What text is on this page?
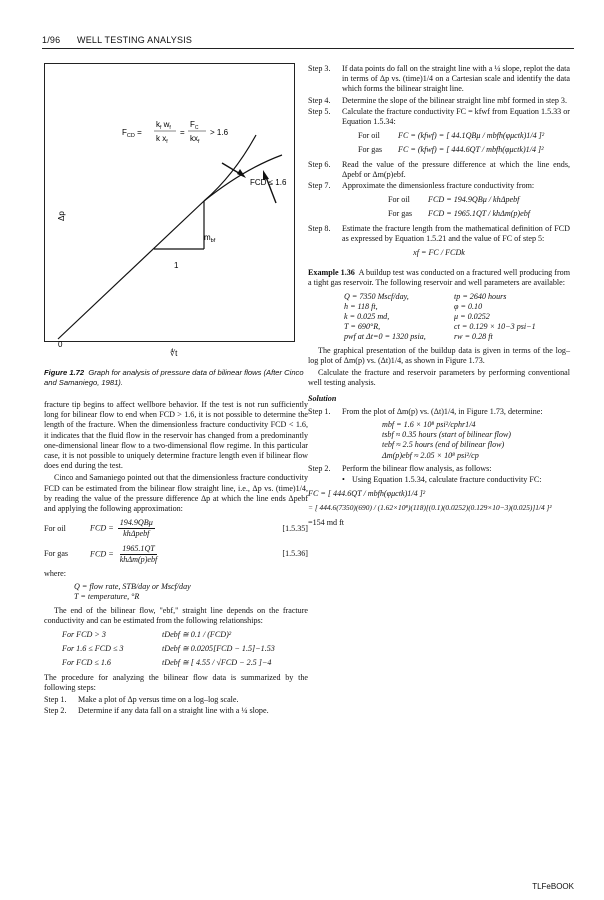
1/96 WELL TESTING ANALYSIS
$F_{CD}$ =
$k_f$ $w_f$
k $x_f$
=
$F_C$
$kx_f$
> 1.6
FCD ≤ 1.6
$m_{bf}$
1
Δp
∜t
0
Figure 1.72 Graph for analysis of pressure data of bilinear flows (After Cinco and Samaniego, 1981).

fracture tip begins to affect wellbore behavior. If the test is not run sufficiently long for bilinear flow to end when FCD > 1.6, it is not possible to determine the length of the fracture. When the dimensionless fracture conductivity FCD < 1.6, it indicates that the fluid flow in the reservoir has changed from a predominantly one-dimensional linear flow to a two-dimensional flow regime. In this particular case, it is not possible to uniquely determine fracture length even if bilinear flow does end during the test.

Cinco and Samaniego pointed out that the dimensionless fracture conductivity FCD can be estimated from the bilinear flow straight line, i.e., Δp vs. (time)1/4, by reading the value of the pressure difference Δp at which the line ends Δpebf and applying the following approximation:

For oil	FCD = $\frac{\text{194.9QBμ}}{\text{khΔpebf}}$	[1.5.35]
For gas	FCD = $\frac{1965.1QT}{\text{khΔm(p)ebf}}$	[1.5.36]

where:

Q = flow rate, STB/day or Mscf/day
T = temperature, °R

The end of the bilinear flow, "ebf," straight line depends on the fracture conductivity and can be estimated from the following relationships:

For FCD > 3	tDebf ≅ 0.1 / (FCD)²
For 1.6 ≤ FCD ≤ 3	tDebf ≅ 0.0205[FCD − 1.5]−1.53
For FCD ≤ 1.6	tDebf ≅ [ 4.55 / √FCD − 2.5 ]−4

The procedure for analyzing the bilinear flow data is summarized by the following steps:

Step 1. Make a plot of Δp versus time on a log–log scale.
Step 2. Determine if any data fall on a straight line with a ¼ slope.
Step 3. If data points do fall on the straight line with a ¼ slope, replot the data in terms of Δp vs. (time)1/4 on a Cartesian scale and identify the data which forms the bilinear straight line.
Step 4. Determine the slope of the bilinear straight line mbf formed in step 3.
Step 5. Calculate the fracture conductivity FC = kfwf from Equation 1.5.33 or Equation 1.5.34:
For oil	FC = (kfwf) = [ 44.1QBμ / mbfh(φμctk)1/4 ]²
For gas	FC = (kfwf) = [ 444.6QT / mbfh(φμctk)1/4 ]²
Step 6. Read the value of the pressure difference at which the line ends, Δpebf or Δm(p)ebf.
Step 7. Approximate the dimensionless fracture conductivity from:
For oil	FCD = 194.9QBμ / khΔpebf
For gas	FCD = 1965.1QT / khΔm(p)ebf
Step 8. Estimate the fracture length from the mathematical definition of FCD as expressed by Equation 1.5.21 and the value of FC of step 5:
xf = FC / FCDk

Example 1.36 A buildup test was conducted on a fractured well producing from a tight gas reservoir. The following reservoir and well parameters are available:

Q = 7350 Mscf/day,	tp = 2640 hours
h = 118 ft,	φ = 0.10
k = 0.025 md,	μ = 0.0252
T = 690°R,	ct = 0.129 × 10−3 psi−1
pwf at Δt=0 = 1320 psia,	rw = 0.28 ft

The graphical presentation of the buildup data is given in terms of the log–log plot of Δm(p) vs. (Δt)1/4, as shown in Figure 1.73.

Calculate the fracture and reservoir parameters by performing conventional well testing analysis.

Solution
Step 1. From the plot of Δm(p) vs. (Δt)1/4, in Figure 1.73, determine:
mbf = 1.6 × 10⁸ psi²/cphr1/4
tsbf ≈ 0.35 hours (start of bilinear flow)
tebf ≈ 2.5 hours (end of bilinear flow)
Δm(p)ebf ≈ 2.05 × 10⁸ psi²/cp
Step 2. Perform the bilinear flow analysis, as follows:
• Using Equation 1.5.34, calculate fracture conductivity FC:
FC = [ 444.6QT / mbfh(φμctk)1/4 ]²
= [ 444.6(7350)(690) / (1.62×10⁸)(118)[(0.1)(0.0252)(0.129×10−3)(0.025)]1/4 ]²
=154 md ft
TLFeBOOK
